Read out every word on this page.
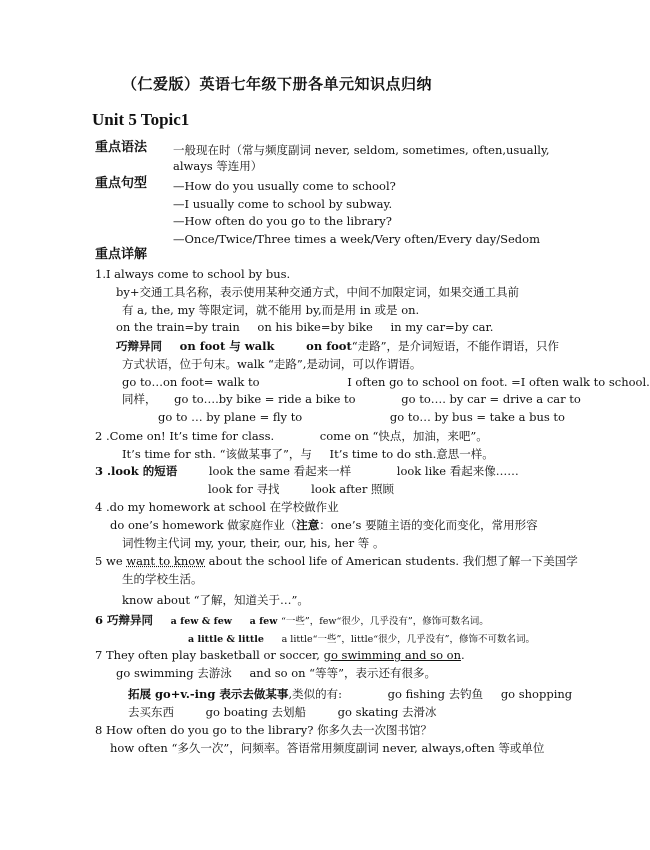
（仁爱版）英语七年级下册各单元知识点归纳
Unit 5 Topic1
重点语法 一般现在时（常与频度副词 never, seldom, sometimes, often,usually,
always 等连用）
重点句型 —How do you usually come to school?
—I usually come to school by subway.
—How often do you go to the library?
—Once/Twice/Three times a week/Very often/Every day/Sedom
重点详解
1.I always come to school by bus.
by+交通工具名称，表示使用某种交通方式，中间不加限定词，如果交通工具前
有 a, the, my 等限定词，就不能用 by,而是用 in 或是 on.
on the train=by train on his bike=by bike in my car=by car.
巧辩异同 on foot 与 walk	on foot“走路”，是介词短语，不能作谓语，只作
方式状语，位于句末。walk “走路”,是动词，可以作谓语。
go to…on foot= walk to	I often go to school on foot. =I often walk to school.
同样， go to….by bike = ride a bike to	go to…. by car = drive a car to
go to … by plane = fly to	go to… by bus = take a bus to
2 .Come on! It’s time for class.	come on “快点，加油，来吧”。
It’s time for sth. “该做某事了”，与 It’s time to do sth.意思一样。
3 .look 的短语	look the same 看起来一样	look like 看起来像……
look for 寻找	look after 照顾
4 .do my homework at school 在学校做作业
do one’s homework 做家庭作业（注意：one’s 要随主语的变化而变化，常用形容
词性物主代词 my, your, their, our, his, her 等 。
5 we want to know about the school life of American students. 我们想了解一下美国学
生的学校生活。
know about “了解，知道关于…”。
6 巧辩异同 a few & few a few “一些”，few“很少，几乎没有”，修饰可数名词。
a little & little a little“一些”，little“很少，几乎没有”，修饰不可数名词。
7 They often play basketball or soccer, go swimming and so on.
go swimming 去游泳 and so on “等等”，表示还有很多。
拓展 go+v.-ing 表示去做某事,类似的有:	go fishing 去钓鱼 go shopping
去买东西	go boating 去划船	go skating 去滑冰
8 How often do you go to the library? 你多久去一次图书馆？
how often “多久一次”，问频率。答语常用频度副词 never, always,often 等或单位
